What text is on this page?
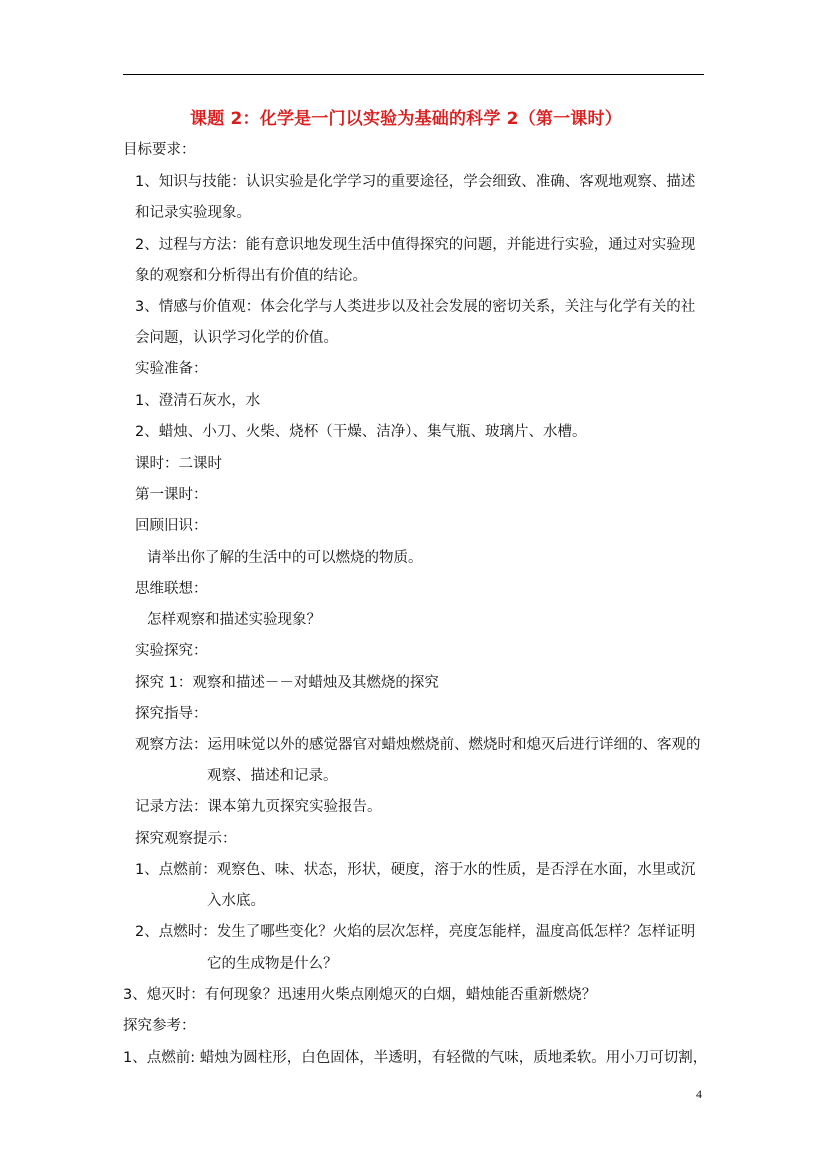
课题 2：化学是一门以实验为基础的科学 2（第一课时）
目标要求：
1、知识与技能：认识实验是化学学习的重要途径，学会细致、准确、客观地观察、描述
和记录实验现象。
2、过程与方法：能有意识地发现生活中值得探究的问题，并能进行实验，通过对实验现
象的观察和分析得出有价值的结论。
3、情感与价值观：体会化学与人类进步以及社会发展的密切关系，关注与化学有关的社
会问题，认识学习化学的价值。
实验准备：
1、澄清石灰水，水
2、蜡烛、小刀、火柴、烧杯（干燥、洁净）、集气瓶、玻璃片、水槽。
课时：二课时
第一课时：
回顾旧识：
请举出你了解的生活中的可以燃烧的物质。
思维联想：
怎样观察和描述实验现象？
实验探究：
探究 1：观察和描述－－对蜡烛及其燃烧的探究
探究指导：
观察方法：运用味觉以外的感觉器官对蜡烛燃烧前、燃烧时和熄灭后进行详细的、客观的
观察、描述和记录。
记录方法：课本第九页探究实验报告。
探究观察提示：
1、点燃前：观察色、味、状态，形状，硬度，溶于水的性质，是否浮在水面，水里或沉
入水底。
2、点燃时：发生了哪些变化？火焰的层次怎样，亮度怎能样，温度高低怎样？怎样证明
它的生成物是什么？
3、熄灭时：有何现象？迅速用火柴点刚熄灭的白烟，蜡烛能否重新燃烧？
探究参考：
1、点燃前: 蜡烛为圆柱形，白色固体，半透明，有轻微的气味，质地柔软。用小刀可切割，
4
